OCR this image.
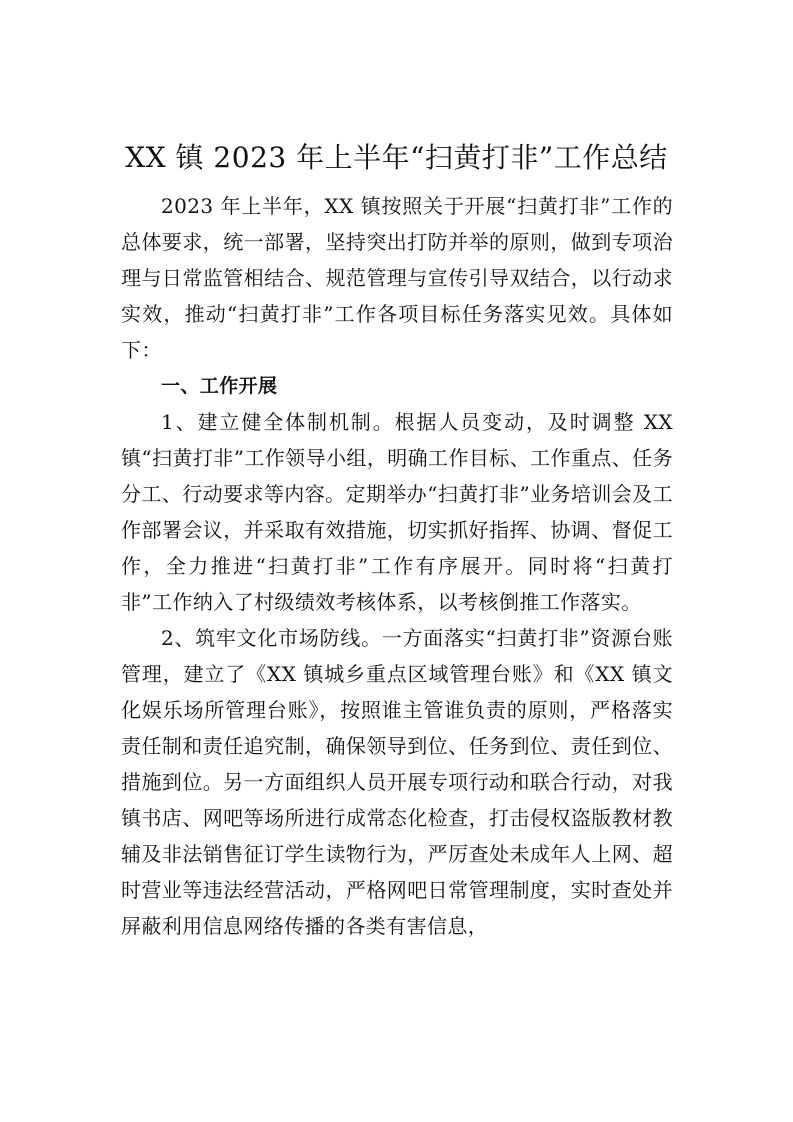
XX 镇 2023 年上半年“扫黄打非”工作总结

2023 年上半年，XX 镇按照关于开展“扫黄打非”工作的总体要求，统一部署，坚持突出打防并举的原则，做到专项治理与日常监管相结合、规范管理与宣传引导双结合，以行动求实效，推动“扫黄打非”工作各项目标任务落实见效。具体如下：

一、工作开展

1、建立健全体制机制。根据人员变动，及时调整 XX 镇“扫黄打非”工作领导小组，明确工作目标、工作重点、任务分工、行动要求等内容。定期举办“扫黄打非”业务培训会及工作部署会议，并采取有效措施，切实抓好指挥、协调、督促工作，全力推进“扫黄打非”工作有序展开。同时将“扫黄打非”工作纳入了村级绩效考核体系，以考核倒推工作落实。

2、筑牢文化市场防线。一方面落实“扫黄打非”资源台账管理，建立了《XX 镇城乡重点区域管理台账》和《XX 镇文化娱乐场所管理台账》，按照谁主管谁负责的原则，严格落实责任制和责任追究制，确保领导到位、任务到位、责任到位、措施到位。另一方面组织人员开展专项行动和联合行动，对我镇书店、网吧等场所进行成常态化检查，打击侵权盗版教材教辅及非法销售征订学生读物行为，严厉查处未成年人上网、超时营业等违法经营活动，严格网吧日常管理制度，实时查处并屏蔽利用信息网络传播的各类有害信息，
